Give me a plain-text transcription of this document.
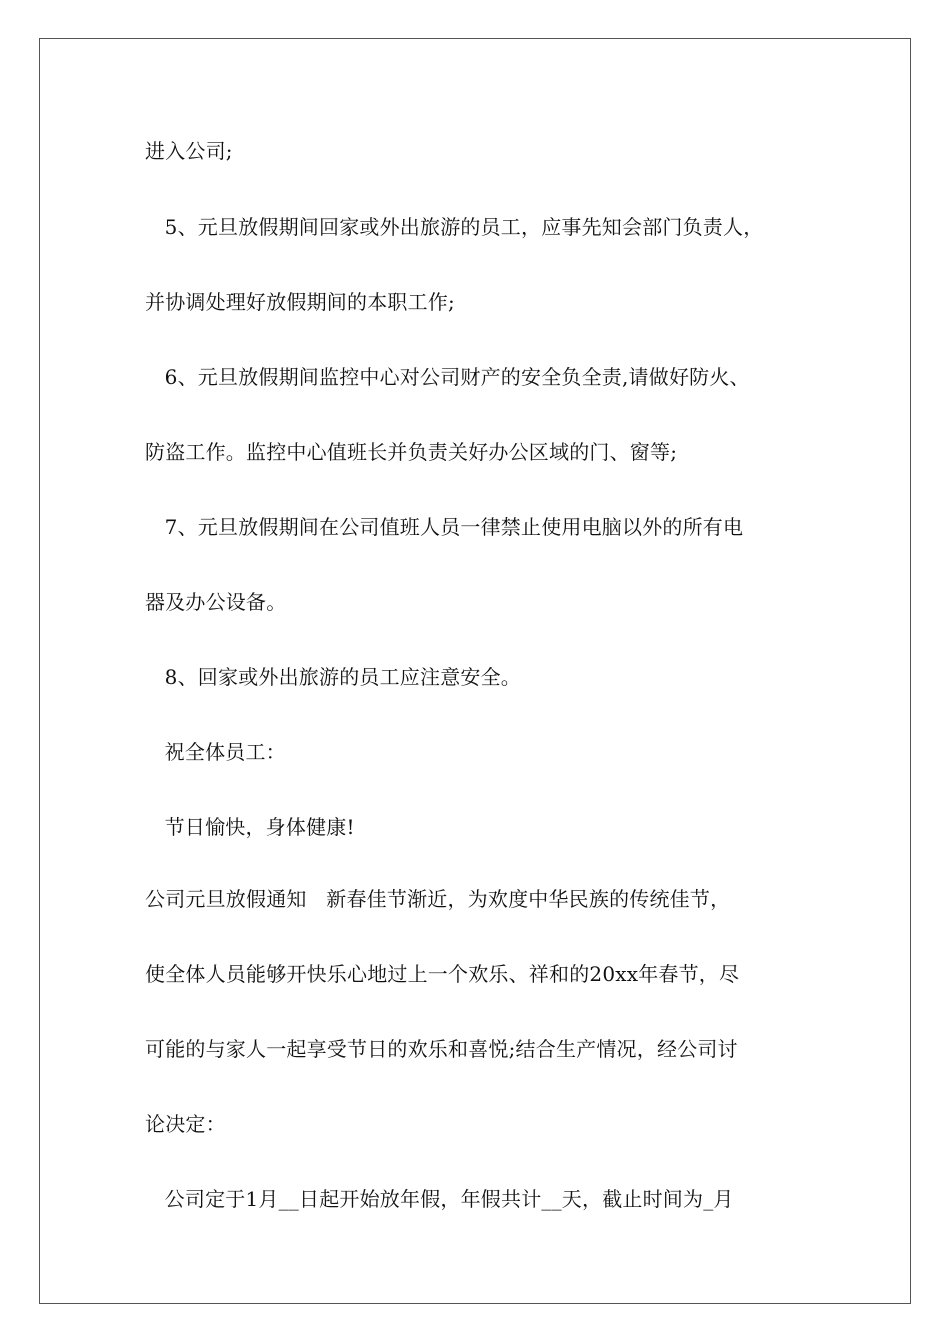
进入公司;
5、元旦放假期间回家或外出旅游的员工，应事先知会部门负责人，
并协调处理好放假期间的本职工作;
6、元旦放假期间监控中心对公司财产的安全负全责,请做好防火、
防盗工作。监控中心值班长并负责关好办公区域的门、窗等;
7、元旦放假期间在公司值班人员一律禁止使用电脑以外的所有电
器及办公设备。
8、回家或外出旅游的员工应注意安全。
祝全体员工：
节日愉快，身体健康!
公司元旦放假通知   新春佳节渐近，为欢度中华民族的传统佳节，
使全体人员能够开快乐心地过上一个欢乐、祥和的20xx年春节，尽
可能的与家人一起享受节日的欢乐和喜悦;结合生产情况，经公司讨
论决定：
公司定于1月__日起开始放年假，年假共计__天，截止时间为_月
